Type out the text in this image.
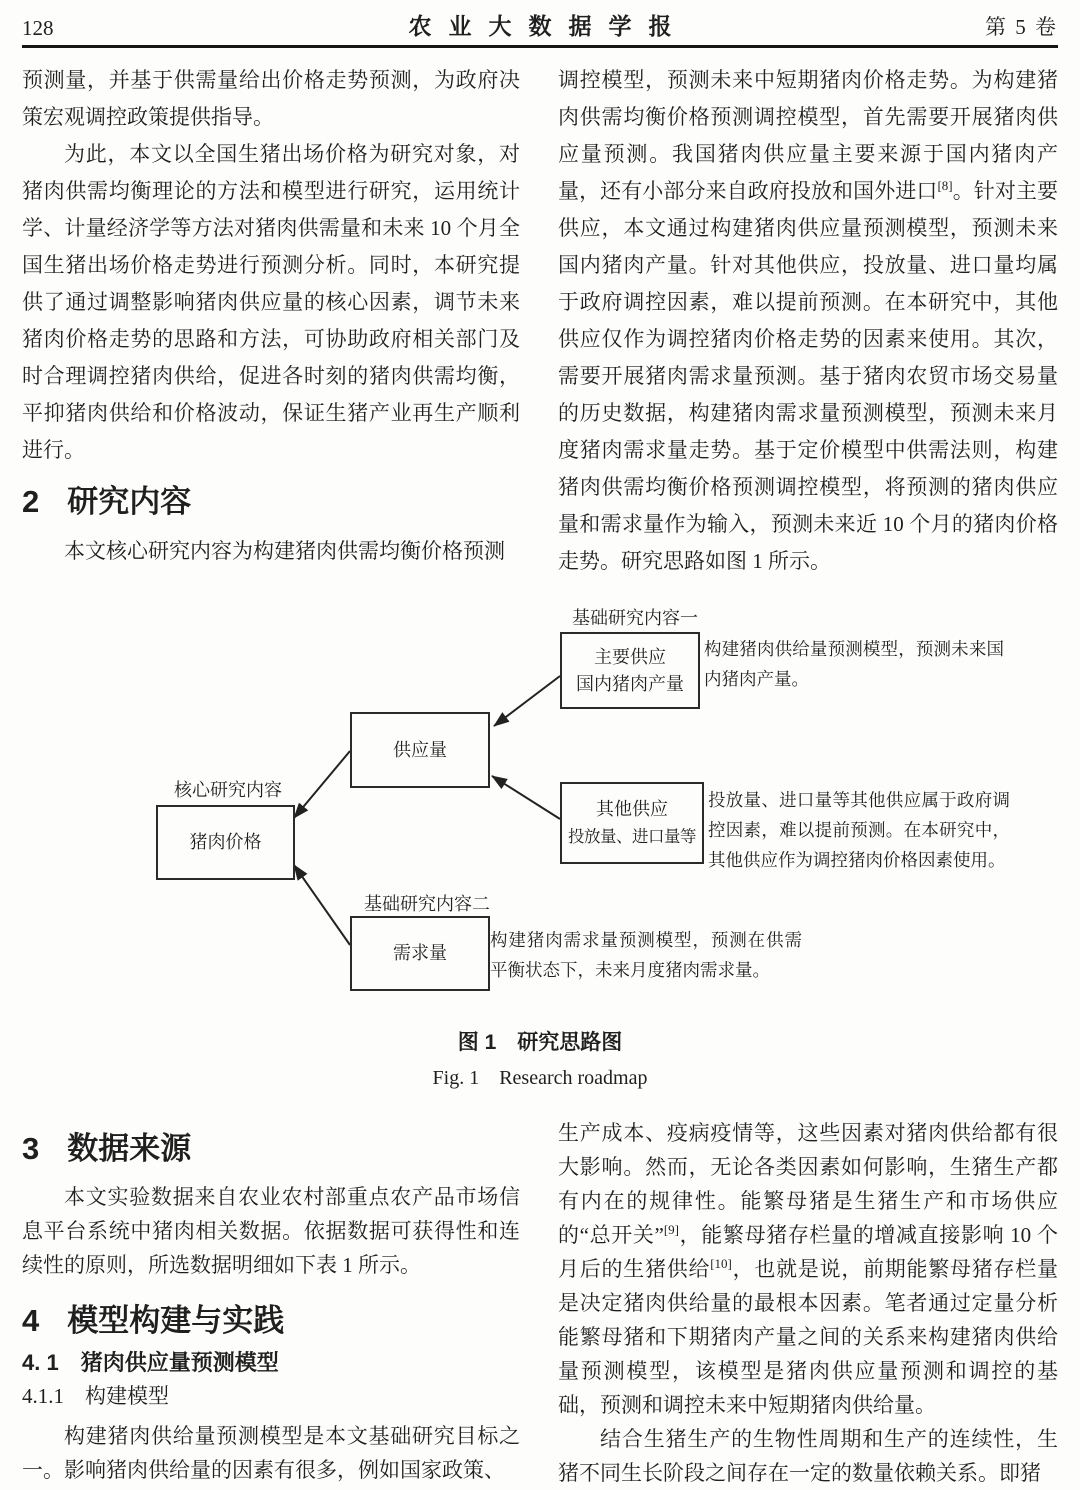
128	农业大数据学报	第 5 卷

预测量，并基于供需量给出价格走势预测，为政府决策宏观调控政策提供指导。

为此，本文以全国生猪出场价格为研究对象，对猪肉供需均衡理论的方法和模型进行研究，运用统计学、计量经济学等方法对猪肉供需量和未来 10 个月全国生猪出场价格走势进行预测分析。同时，本研究提供了通过调整影响猪肉供应量的核心因素，调节未来猪肉价格走势的思路和方法，可协助政府相关部门及时合理调控猪肉供给，促进各时刻的猪肉供需均衡，平抑猪肉供给和价格波动，保证生猪产业再生产顺利进行。

2 研究内容

本文核心研究内容为构建猪肉供需均衡价格预测

调控模型，预测未来中短期猪肉价格走势。为构建猪肉供需均衡价格预测调控模型，首先需要开展猪肉供应量预测。我国猪肉供应量主要来源于国内猪肉产量，还有小部分来自政府投放和国外进口[8]。针对主要供应，本文通过构建猪肉供应量预测模型，预测未来国内猪肉产量。针对其他供应，投放量、进口量均属于政府调控因素，难以提前预测。在本研究中，其他供应仅作为调控猪肉价格走势的因素来使用。其次，需要开展猪肉需求量预测。基于猪肉农贸市场交易量的历史数据，构建猪肉需求量预测模型，预测未来月度猪肉需求量走势。基于定价模型中供需法则，构建猪肉供需均衡价格预测调控模型，将预测的猪肉供应量和需求量作为输入，预测未来近 10 个月的猪肉价格走势。研究思路如图 1 所示。

基础研究内容一
主要供应
国内猪肉产量
构建猪肉供给量预测模型，预测未来国内猪肉产量。
供应量
其他供应
投放量、进口量等
投放量、进口量等其他供应属于政府调控因素，难以提前预测。在本研究中，其他供应作为调控猪肉价格因素使用。
核心研究内容
猪肉价格
基础研究内容二
需求量
构建猪肉需求量预测模型，预测在供需平衡状态下，未来月度猪肉需求量。
图 1　研究思路图
Fig. 1　Research roadmap
3 数据来源

本文实验数据来自农业农村部重点农产品市场信息平台系统中猪肉相关数据。依据数据可获得性和连续性的原则，所选数据明细如下表 1 所示。

4 模型构建与实践
4. 1　猪肉供应量预测模型
4.1.1　构建模型

构建猪肉供给量预测模型是本文基础研究目标之一。影响猪肉供给量的因素有很多，例如国家政策、

生产成本、疫病疫情等，这些因素对猪肉供给都有很大影响。然而，无论各类因素如何影响，生猪生产都有内在的规律性。能繁母猪是生猪生产和市场供应的“总开关”[9]，能繁母猪存栏量的增减直接影响 10 个月后的生猪供给[10]，也就是说，前期能繁母猪存栏量是决定猪肉供给量的最根本因素。笔者通过定量分析能繁母猪和下期猪肉产量之间的关系来构建猪肉供给量预测模型，该模型是猪肉供应量预测和调控的基础，预测和调控未来中短期猪肉供给量。

结合生猪生产的生物性周期和生产的连续性，生猪不同生长阶段之间存在一定的数量依赖关系。即猪
